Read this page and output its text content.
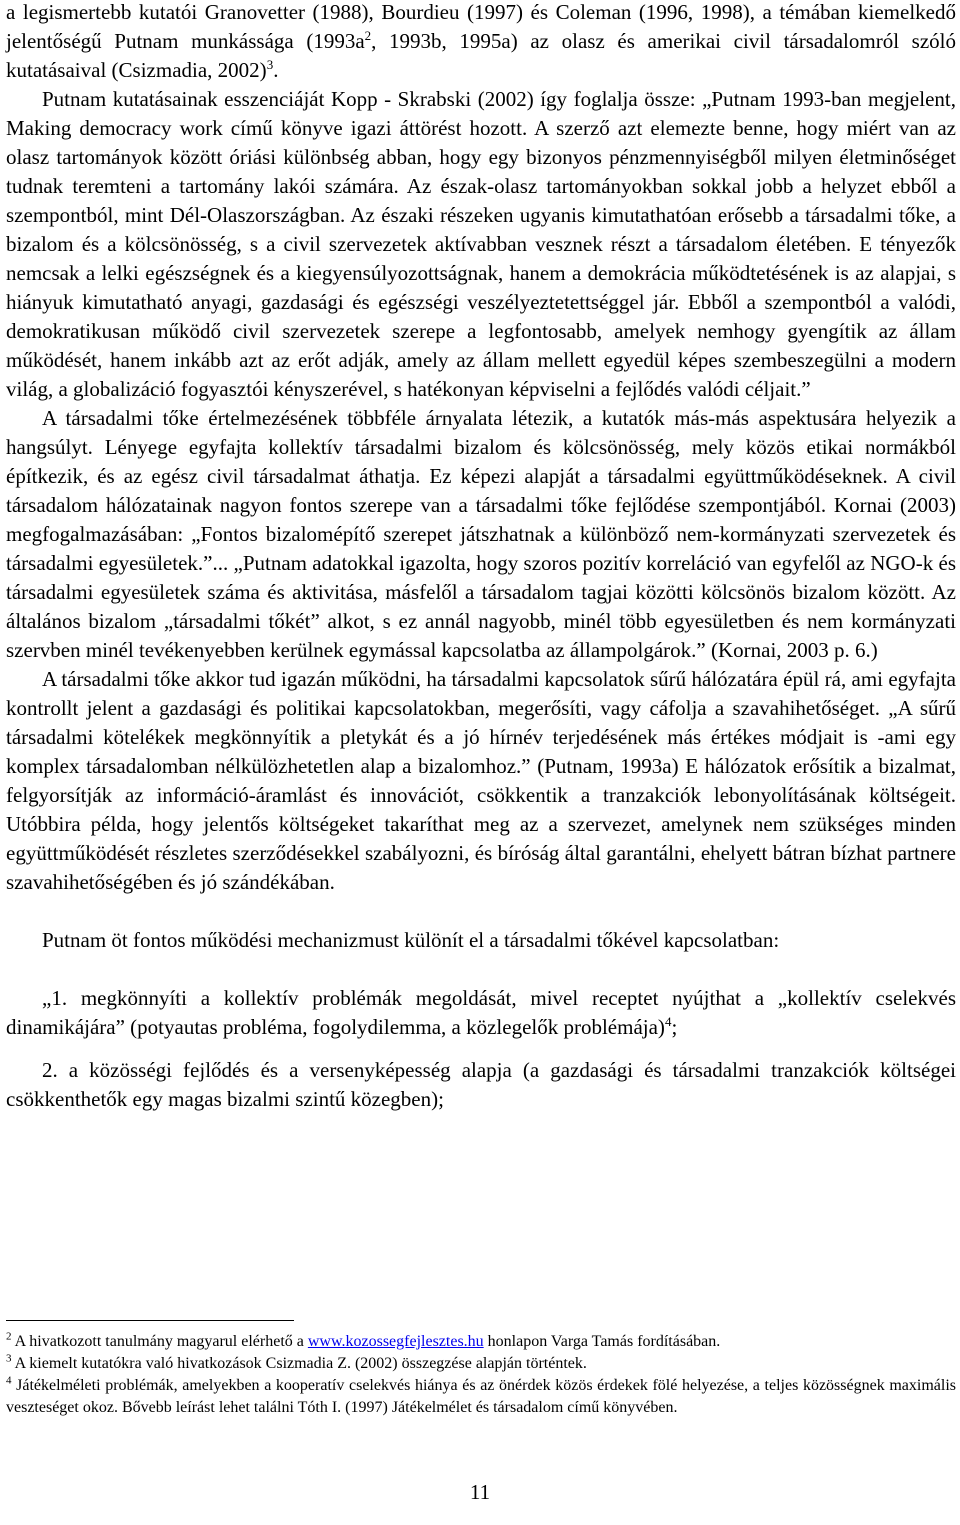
a legismertebb kutatói Granovetter (1988), Bourdieu (1997) és Coleman (1996, 1998), a témában kiemelkedő jelentőségű Putnam munkássága ($1993a^2$, 1993b, 1995a) az olasz és amerikai civil társadalomról szóló kutatásaival (Csizmadia, 2002)$^3$.

Putnam kutatásainak esszenciáját Kopp - Skrabski (2002) így foglalja össze: „Putnam 1993-ban megjelent, Making democracy work című könyve igazi áttörést hozott. A szerző azt elemezte benne, hogy miért van az olasz tartományok között óriási különbség abban, hogy egy bizonyos pénzmennyiségből milyen életminőséget tudnak teremteni a tartomány lakói számára. Az észak-olasz tartományokban sokkal jobb a helyzet ebből a szempontból, mint Dél-Olaszországban. Az északi részeken ugyanis kimutathatóan erősebb a társadalmi tőke, a bizalom és a kölcsönösség, s a civil szervezetek aktívabban vesznek részt a társadalom életében. E tényezők nemcsak a lelki egészségnek és a kiegyensúlyozottságnak, hanem a demokrácia működtetésének is az alapjai, s hiányuk kimutatható anyagi, gazdasági és egészségi veszélyeztetettséggel jár. Ebből a szempontból a valódi, demokratikusan működő civil szervezetek szerepe a legfontosabb, amelyek nemhogy gyengítik az állam működését, hanem inkább azt az erőt adják, amely az állam mellett egyedül képes szembeszegülni a modern világ, a globalizáció fogyasztói kényszerével, s hatékonyan képviselni a fejlődés valódi céljait.”

A társadalmi tőke értelmezésének többféle árnyalata létezik, a kutatók más-más aspektusára helyezik a hangsúlyt. Lényege egyfajta kollektív társadalmi bizalom és kölcsönösség, mely közös etikai normákból építkezik, és az egész civil társadalmat áthatja. Ez képezi alapját a társadalmi együttműködéseknek. A civil társadalom hálózatainak nagyon fontos szerepe van a társadalmi tőke fejlődése szempontjából. Kornai (2003) megfogalmazásában: „Fontos bizalomépítő szerepet játszhatnak a különböző nem-kormányzati szervezetek és társadalmi egyesületek.”... „Putnam adatokkal igazolta, hogy szoros pozitív korreláció van egyfelől az NGO-k és társadalmi egyesületek száma és aktivitása, másfelől a társadalom tagjai közötti kölcsönös bizalom között. Az általános bizalom „társadalmi tőkét” alkot, s ez annál nagyobb, minél több egyesületben és nem kormányzati szervben minél tevékenyebben kerülnek egymással kapcsolatba az állampolgárok.” (Kornai, 2003 p. 6.)

A társadalmi tőke akkor tud igazán működni, ha társadalmi kapcsolatok sűrű hálózatára épül rá, ami egyfajta kontrollt jelent a gazdasági és politikai kapcsolatokban, megerősíti, vagy cáfolja a szavahihetőséget. „A sűrű társadalmi kötelékek megkönnyítik a pletykát és a jó hírnév terjedésének más értékes módjait is -ami egy komplex társadalomban nélkülözhetetlen alap a bizalomhoz.” (Putnam, 1993a) E hálózatok erősítik a bizalmat, felgyorsítják az információ-áramlást és innovációt, csökkentik a tranzakciók lebonyolításának költségeit. Utóbbira példa, hogy jelentős költségeket takaríthat meg az a szervezet, amelynek nem szükséges minden együttműködését részletes szerződésekkel szabályozni, és bíróság által garantálni, ehelyett bátran bízhat partnere szavahihetőségében és jó szándékában.

Putnam öt fontos működési mechanizmust különít el a társadalmi tőkével kapcsolatban:

„1. megkönnyíti a kollektív problémák megoldását, mivel receptet nyújthat a „kollektív cselekvés dinamikájára” (potyautas probléma, fogolydilemma, a közlegelők problémája)$^4$;

2. a közösségi fejlődés és a versenyképesség alapja (a gazdasági és társadalmi tranzakciók költségei csökkenthetők egy magas bizalmi szintű közegben);

$^2$ A hivatkozott tanulmány magyarul elérhető a www.kozossegfejlesztes.hu honlapon Varga Tamás fordításában.

$^3$ A kiemelt kutatókra való hivatkozások Csizmadia Z. (2002) összegzése alapján történtek.

$^4$ Játékelméleti problémák, amelyekben a kooperatív cselekvés hiánya és az önérdek közös érdekek fölé helyezése, a teljes közösségnek maximális veszteséget okoz. Bővebb leírást lehet találni Tóth I. (1997) Játékelmélet és társadalom című könyvében.

11
